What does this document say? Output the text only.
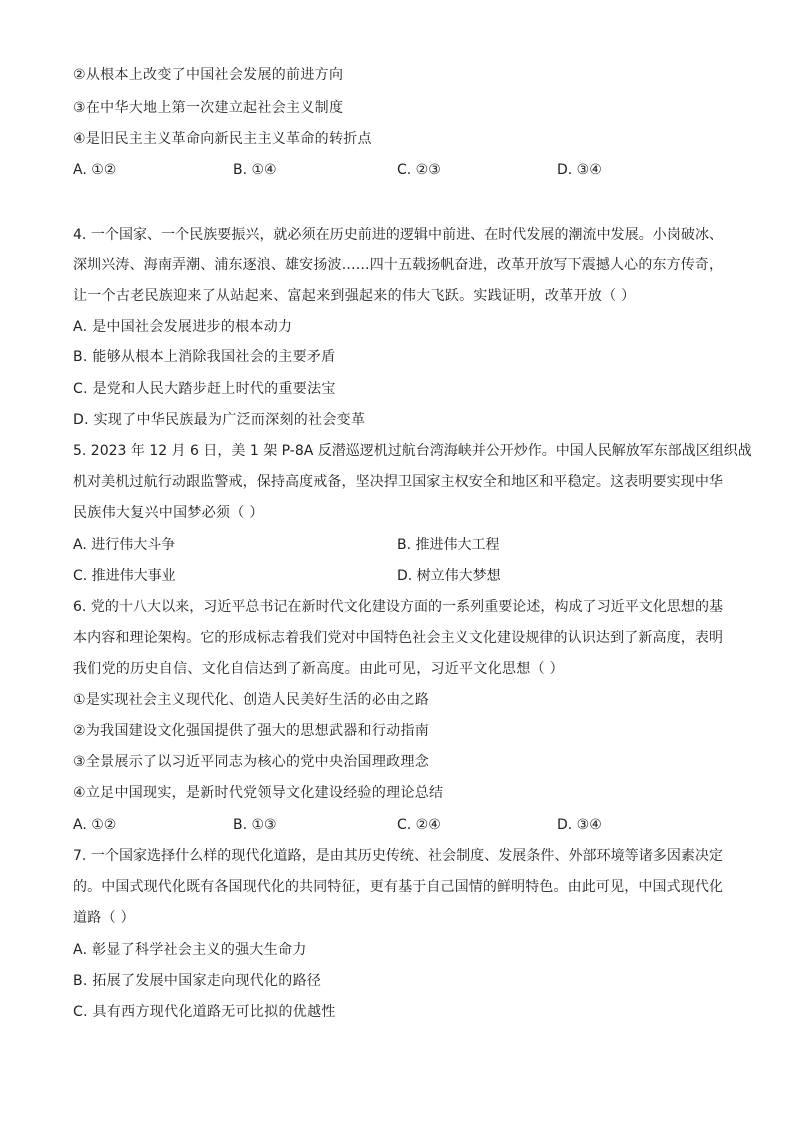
②从根本上改变了中国社会发展的前进方向
③在中华大地上第一次建立起社会主义制度
④是旧民主主义革命向新民主主义革命的转折点
A. ①②	B. ①④	C. ②③	D. ③④
4. 一个国家、一个民族要振兴，就必须在历史前进的逻辑中前进、在时代发展的潮流中发展。小岗破冰、
深圳兴涛、海南弄潮、浦东逐浪、雄安扬波……四十五载扬帆奋进，改革开放写下震撼人心的东方传奇，
让一个古老民族迎来了从站起来、富起来到强起来的伟大飞跃。实践证明，改革开放（ ）
A. 是中国社会发展进步的根本动力
B. 能够从根本上消除我国社会的主要矛盾
C. 是党和人民大踏步赶上时代的重要法宝
D. 实现了中华民族最为广泛而深刻的社会变革
5. 2023 年 12 月 6 日，美 1 架 P-8A 反潜巡逻机过航台湾海峡并公开炒作。中国人民解放军东部战区组织战
机对美机过航行动跟监警戒，保持高度戒备，坚决捍卫国家主权安全和地区和平稳定。这表明要实现中华
民族伟大复兴中国梦必须（ ）
A. 进行伟大斗争	B. 推进伟大工程
C. 推进伟大事业	D. 树立伟大梦想
6. 党的十八大以来，习近平总书记在新时代文化建设方面的一系列重要论述，构成了习近平文化思想的基
本内容和理论架构。它的形成标志着我们党对中国特色社会主义文化建设规律的认识达到了新高度，表明
我们党的历史自信、文化自信达到了新高度。由此可见，习近平文化思想（ ）
①是实现社会主义现代化、创造人民美好生活的必由之路
②为我国建设文化强国提供了强大的思想武器和行动指南
③全景展示了以习近平同志为核心的党中央治国理政理念
④立足中国现实，是新时代党领导文化建设经验的理论总结
A. ①②	B. ①③	C. ②④	D. ③④
7. 一个国家选择什么样的现代化道路，是由其历史传统、社会制度、发展条件、外部环境等诸多因素决定
的。中国式现代化既有各国现代化的共同特征，更有基于自己国情的鲜明特色。由此可见，中国式现代化
道路（ ）
A. 彰显了科学社会主义的强大生命力
B. 拓展了发展中国家走向现代化的路径
C. 具有西方现代化道路无可比拟的优越性
